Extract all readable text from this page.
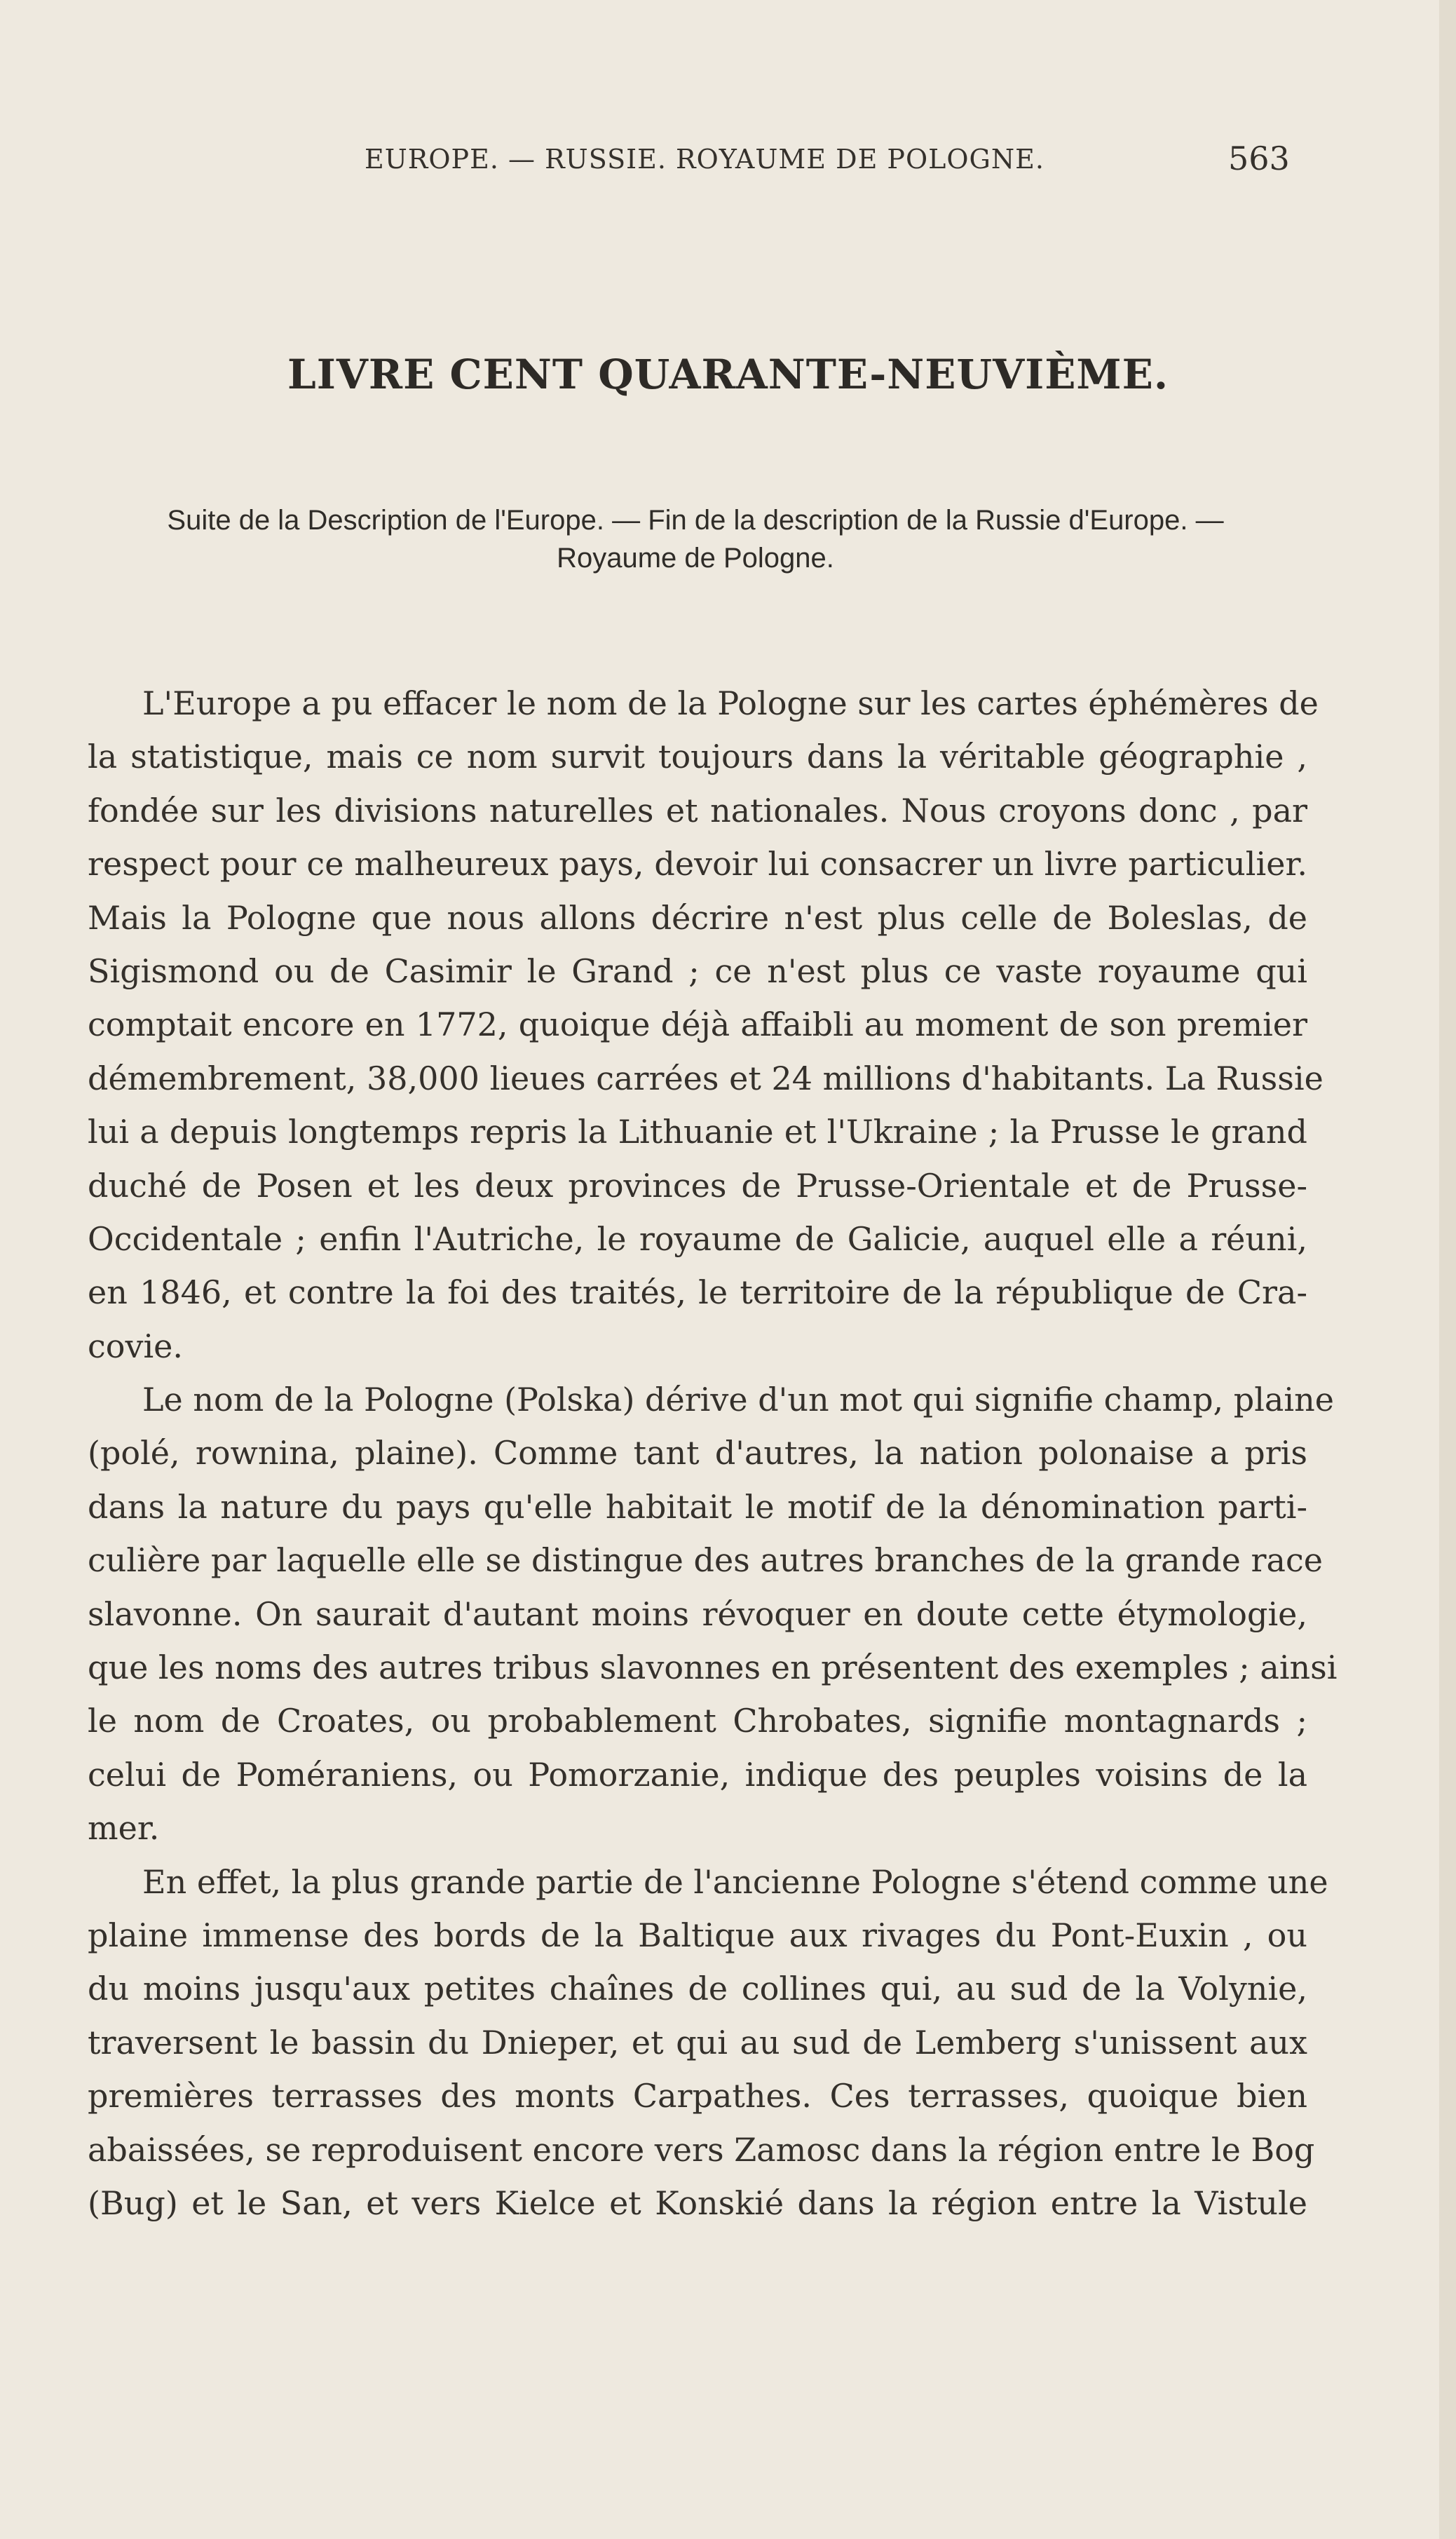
EUROPE. — RUSSIE. ROYAUME DE POLOGNE.	563
LIVRE CENT QUARANTE-NEUVIÈME.
Suite de la Description de l'Europe. — Fin de la description de la Russie d'Europe. —
Royaume de Pologne.
L'Europe a pu effacer le nom de la Pologne sur les cartes éphémères de
la statistique, mais ce nom survit toujours dans la véritable géographie ,
fondée sur les divisions naturelles et nationales. Nous croyons donc , par
respect pour ce malheureux pays, devoir lui consacrer un livre particulier.
Mais la Pologne que nous allons décrire n'est plus celle de Boleslas, de
Sigismond ou de Casimir le Grand ; ce n'est plus ce vaste royaume qui
comptait encore en 1772, quoique déjà affaibli au moment de son premier
démembrement, 38,000 lieues carrées et 24 millions d'habitants. La Russie
lui a depuis longtemps repris la Lithuanie et l'Ukraine ; la Prusse le grand
duché de Posen et les deux provinces de Prusse-Orientale et de Prusse-
Occidentale ; enfin l'Autriche, le royaume de Galicie, auquel elle a réuni,
en 1846, et contre la foi des traités, le territoire de la république de Cra-
covie.
Le nom de la Pologne (Polska) dérive d'un mot qui signifie champ, plaine
(polé, rownina, plaine). Comme tant d'autres, la nation polonaise a pris
dans la nature du pays qu'elle habitait le motif de la dénomination parti-
culière par laquelle elle se distingue des autres branches de la grande race
slavonne. On saurait d'autant moins révoquer en doute cette étymologie,
que les noms des autres tribus slavonnes en présentent des exemples ; ainsi
le nom de Croates, ou probablement Chrobates, signifie montagnards ;
celui de Poméraniens, ou Pomorzanie, indique des peuples voisins de la
mer.
En effet, la plus grande partie de l'ancienne Pologne s'étend comme une
plaine immense des bords de la Baltique aux rivages du Pont-Euxin , ou
du moins jusqu'aux petites chaînes de collines qui, au sud de la Volynie,
traversent le bassin du Dnieper, et qui au sud de Lemberg s'unissent aux
premières terrasses des monts Carpathes. Ces terrasses, quoique bien
abaissées, se reproduisent encore vers Zamosc dans la région entre le Bog
(Bug) et le San, et vers Kielce et Konskié dans la région entre la Vistule
